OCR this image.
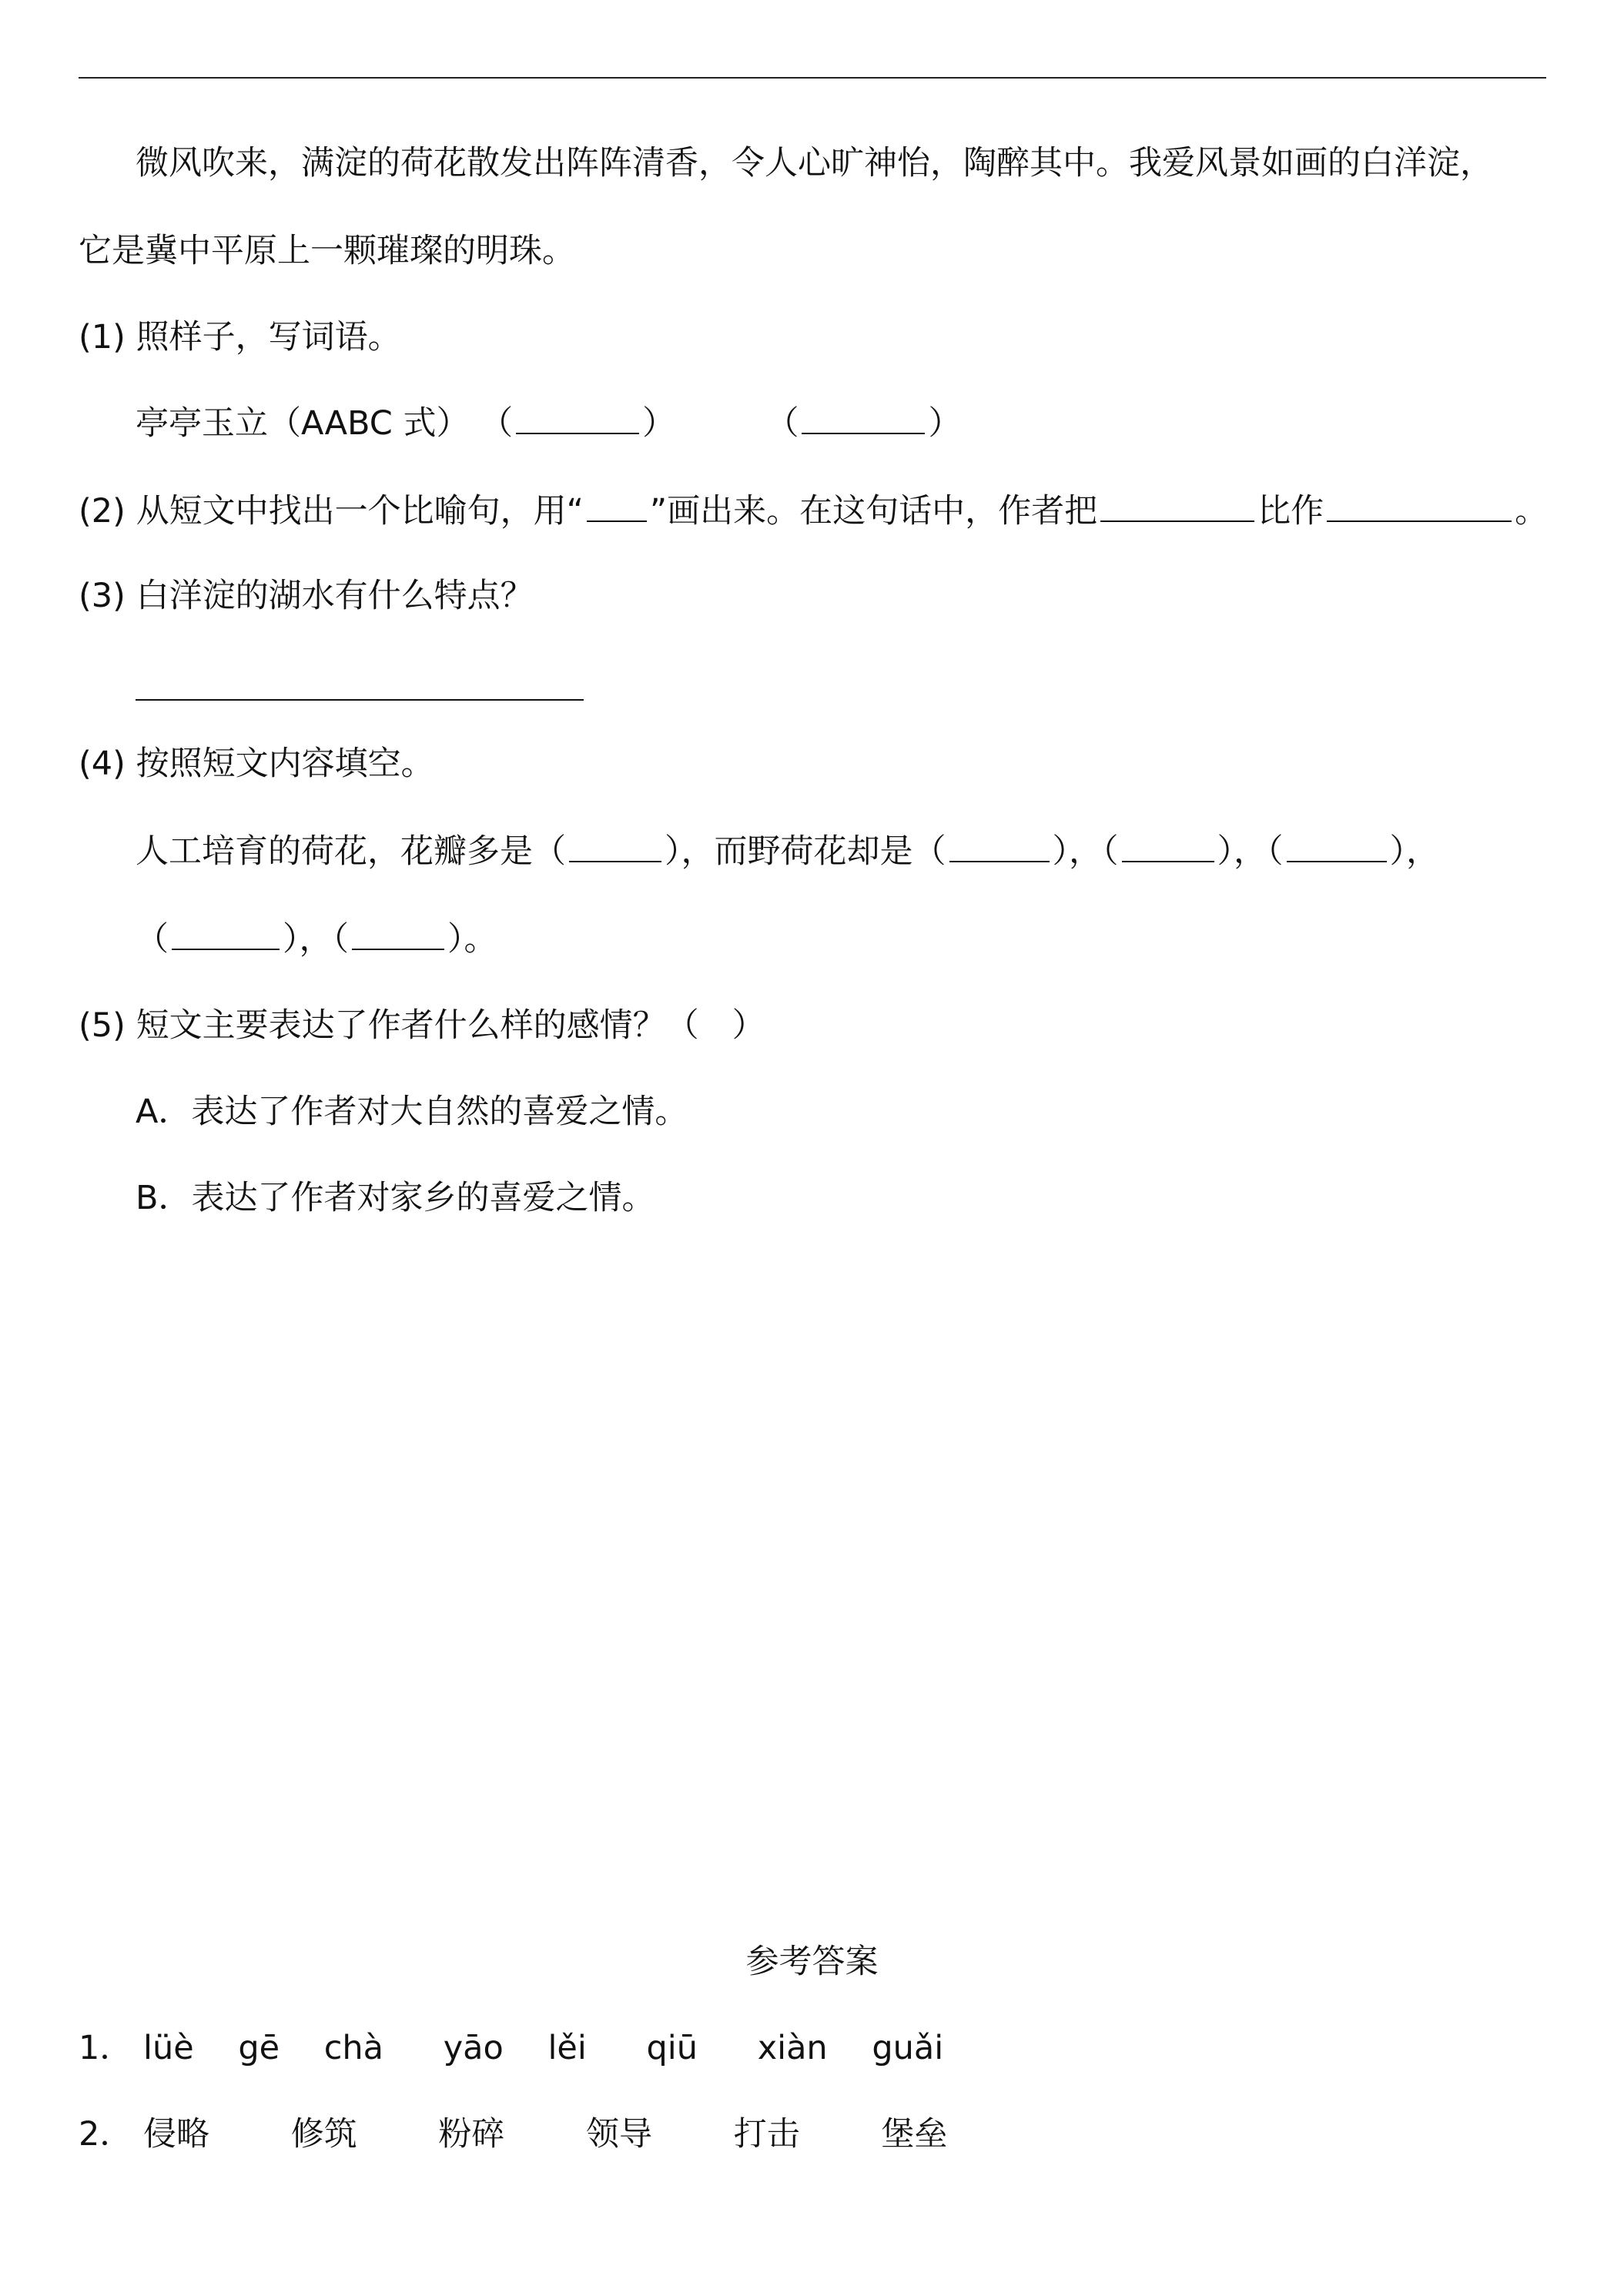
微风吹来，满淀的荷花散发出阵阵清香，令人心旷神怡，陶醉其中。我爱风景如画的白洋淀，
它是冀中平原上一颗璀璨的明珠。
(1) 照样子，写词语。
亭亭玉立（AABC 式） （	）	（	）
(2) 从短文中找出一个比喻句，用“ ”画出来。在这句话中，作者把	比作	。
(3) 白洋淀的湖水有什么特点？
(4) 按照短文内容填空。
人工培育的荷花，花瓣多是（	），而野荷花却是（	），（	），（	），
（	），（	）。
(5) 短文主要表达了作者什么样的感情？（　）
A．表达了作者对大自然的喜爱之情。
B．表达了作者对家乡的喜爱之情。
参考答案
1． lüè gē chà yāo lěi qiū xiàn guǎi
2． 侵略 修筑 粉碎 领导 打击 堡垒
